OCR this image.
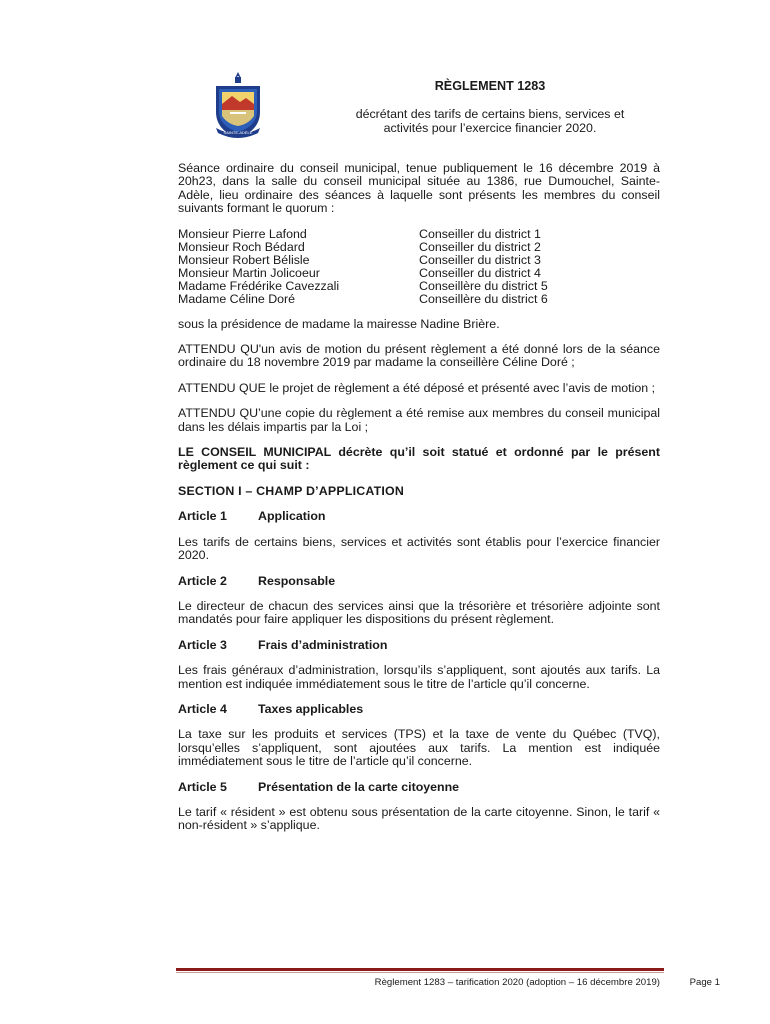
SAINTE-ADÈLE
RÈGLEMENT 1283
décrétant des tarifs de certains biens, services et
activités pour l’exercice financier 2020.

Séance ordinaire du conseil municipal, tenue publiquement le 16 décembre 2019 à 20h23, dans la salle du conseil municipal située au 1386, rue Dumouchel, Sainte-Adèle, lieu ordinaire des séances à laquelle sont présents les membres du conseil suivants formant le quorum :

Monsieur Pierre Lafond	Conseiller du district 1
Monsieur Roch Bédard	Conseiller du district 2
Monsieur Robert Bélisle	Conseiller du district 3
Monsieur Martin Jolicoeur	Conseiller du district 4
Madame Frédérike Cavezzali	Conseillère du district 5
Madame Céline Doré	Conseillère du district 6

sous la présidence de madame la mairesse Nadine Brière.

ATTENDU QU'un avis de motion du présent règlement a été donné lors de la séance ordinaire du 18 novembre 2019 par madame la conseillère Céline Doré ;

ATTENDU QUE le projet de règlement a été déposé et présenté avec l’avis de motion ;

ATTENDU QU’une copie du règlement a été remise aux membres du conseil municipal dans les délais impartis par la Loi ;

LE CONSEIL MUNICIPAL décrète qu’il soit statué et ordonné par le présent règlement ce qui suit :

SECTION I – CHAMP D’APPLICATION
Article 1	Application

Les tarifs de certains biens, services et activités sont établis pour l’exercice financier 2020.

Article 2	Responsable

Le directeur de chacun des services ainsi que la trésorière et trésorière adjointe sont mandatés pour faire appliquer les dispositions du présent règlement.

Article 3	Frais d’administration

Les frais généraux d’administration, lorsqu’ils s’appliquent, sont ajoutés aux tarifs. La mention est indiquée immédiatement sous le titre de l’article qu’il concerne.

Article 4	Taxes applicables

La taxe sur les produits et services (TPS) et la taxe de vente du Québec (TVQ), lorsqu’elles s’appliquent, sont ajoutées aux tarifs. La mention est indiquée immédiatement sous le titre de l’article qu’il concerne.

Article 5	Présentation de la carte citoyenne

Le tarif « résident » est obtenu sous présentation de la carte citoyenne. Sinon, le tarif « non-résident » s’applique.

Règlement 1283 – tarification 2020 (adoption – 16 décembre 2019)	Page 1
